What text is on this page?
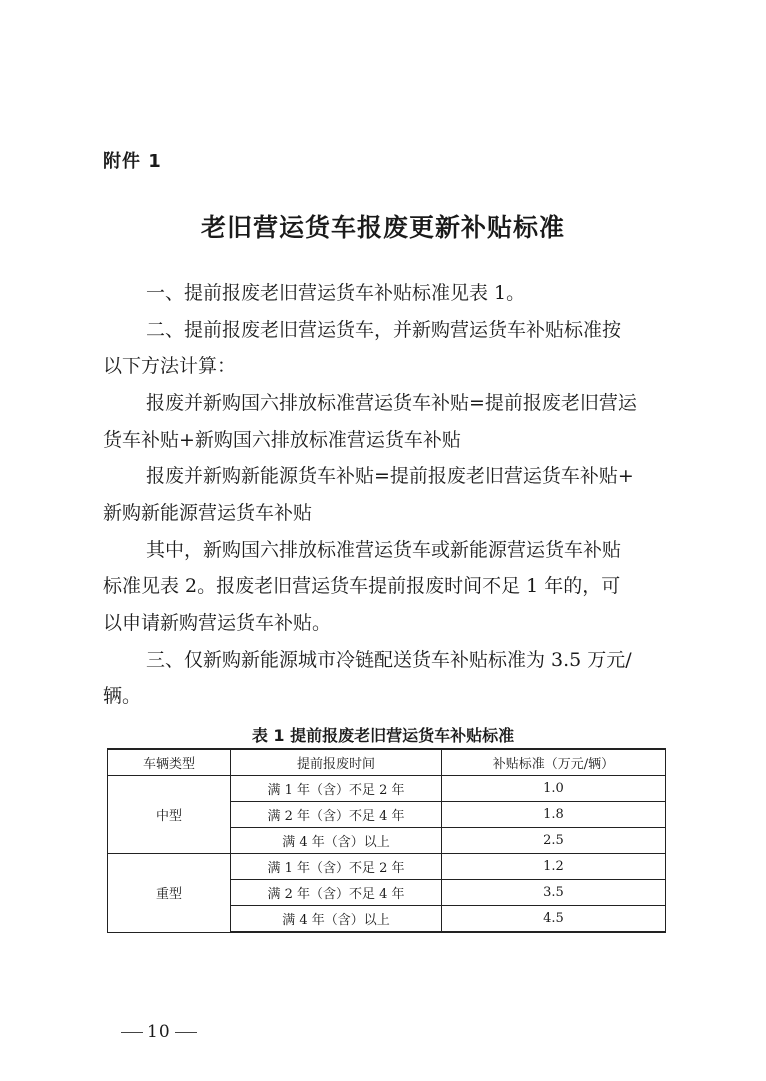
附件 1
老旧营运货车报废更新补贴标准
一、提前报废老旧营运货车补贴标准见表 1。
二、提前报废老旧营运货车，并新购营运货车补贴标准按
以下方法计算：
报废并新购国六排放标准营运货车补贴=提前报废老旧营运
货车补贴+新购国六排放标准营运货车补贴
报废并新购新能源货车补贴=提前报废老旧营运货车补贴+
新购新能源营运货车补贴
其中，新购国六排放标准营运货车或新能源营运货车补贴
标准见表 2。报废老旧营运货车提前报废时间不足 1 年的，可
以申请新购营运货车补贴。
三、仅新购新能源城市冷链配送货车补贴标准为 3.5 万元/
辆。
表 1 提前报废老旧营运货车补贴标准
车辆类型	提前报废时间	补贴标准（万元/辆）
中型	满 1 年（含）不足 2 年	1.0
	满 2 年（含）不足 4 年	1.8
	满 4 年（含）以上	2.5
重型	满 1 年（含）不足 2 年	1.2
	满 2 年（含）不足 4 年	3.5
	满 4 年（含）以上	4.5
10
